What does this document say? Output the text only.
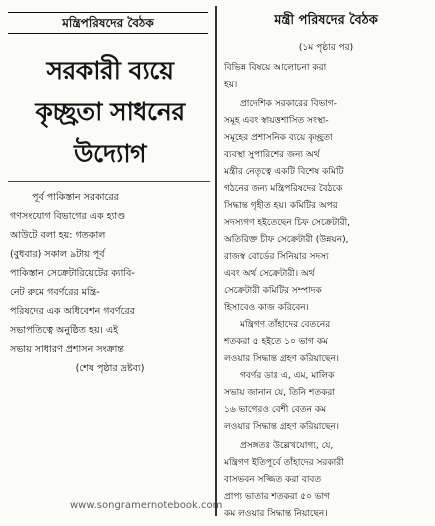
মন্ত্রিপরিষদের বৈঠক
সরকারী ব্যয়ে
কৃচ্ছ্রতা সাধনের
উদ্যোগ
পূর্ব পাকিস্তান সরকারের
গণসংযোগ বিভাগের এক হ্যাণ্ড
আউটে বলা হয়: গতকাল
(বুধবার) সকাল ৯টায় পূর্ব
পাকিস্তান সেক্রেটারিয়েটের ক্যাবি-
নেট রুমে গবর্ণরের মন্ত্রি-
পরিষদের এক অধিবেশন গবর্ণরের
সভাপতিত্বে অনুষ্ঠিত হয়। এই
সভায় সাধারণ প্রশাসন সংক্রান্ত
(শেষ পৃষ্ঠার দ্রষ্টব্য)
মন্ত্রী পরিষদের বৈঠক
(১ম পৃষ্ঠার পর)
বিভিন্ন বিষয়ে আলোচনা করা
হয়।
প্রাদেশিক সরকারের বিভাগ-
সমূহ এবং স্বায়ত্তশাসিত সংস্থা-
সমূহের প্রশাসনিক ব্যয়ে কৃচ্ছ্রতা
ব্যবস্থা সুপারিশের জন্য অর্থ
মন্ত্রীর নেতৃত্বে একটি বিশেষ কমিটি
গঠনের জন্য মন্ত্রিপরিষদের বৈঠকে
সিদ্ধান্ত গৃহীত হয়। কমিটির অপর
সদস্যগণ হইতেছেন চিফ সেক্রেটারী,
অতিরিক্ত চীফ সেক্রেটারী (উন্নয়ন),
রাজস্ব বোর্ডের সিনিয়ার সদস্য
এবং অর্থ সেক্রেটারী। অর্থ
সেক্রেটারী কমিটির সম্পাদক
হিসাবেও কাজ করিবেন।
মন্ত্রিগণ তাঁহাদের বেতনের
শতকরা ৫ হইতে ১০ ভাগ কম
লওয়ার সিদ্ধান্ত গ্রহণ করিয়াছেন।
গবর্ণর ডাঃ এ, এম, মালিক
সভায় জানান যে, তিনি শতকরা
১৬ ভাগেরও বেশী বেতন কম
লওয়ার সিদ্ধান্ত গ্রহণ করিয়াছেন।
প্রসঙ্গতঃ উল্লেখযোগ্য, যে,
মন্ত্রিগণ ইতিপূর্বে তাঁহাদের সরকারী
বাসভবন সজ্জিত করা বাবত
প্রাপ্য ভাতার শতকরা ৫০ ভাগ
কম লওয়ার সিদ্ধান্ত নিয়াছেন।
www.songramernotebook.com
